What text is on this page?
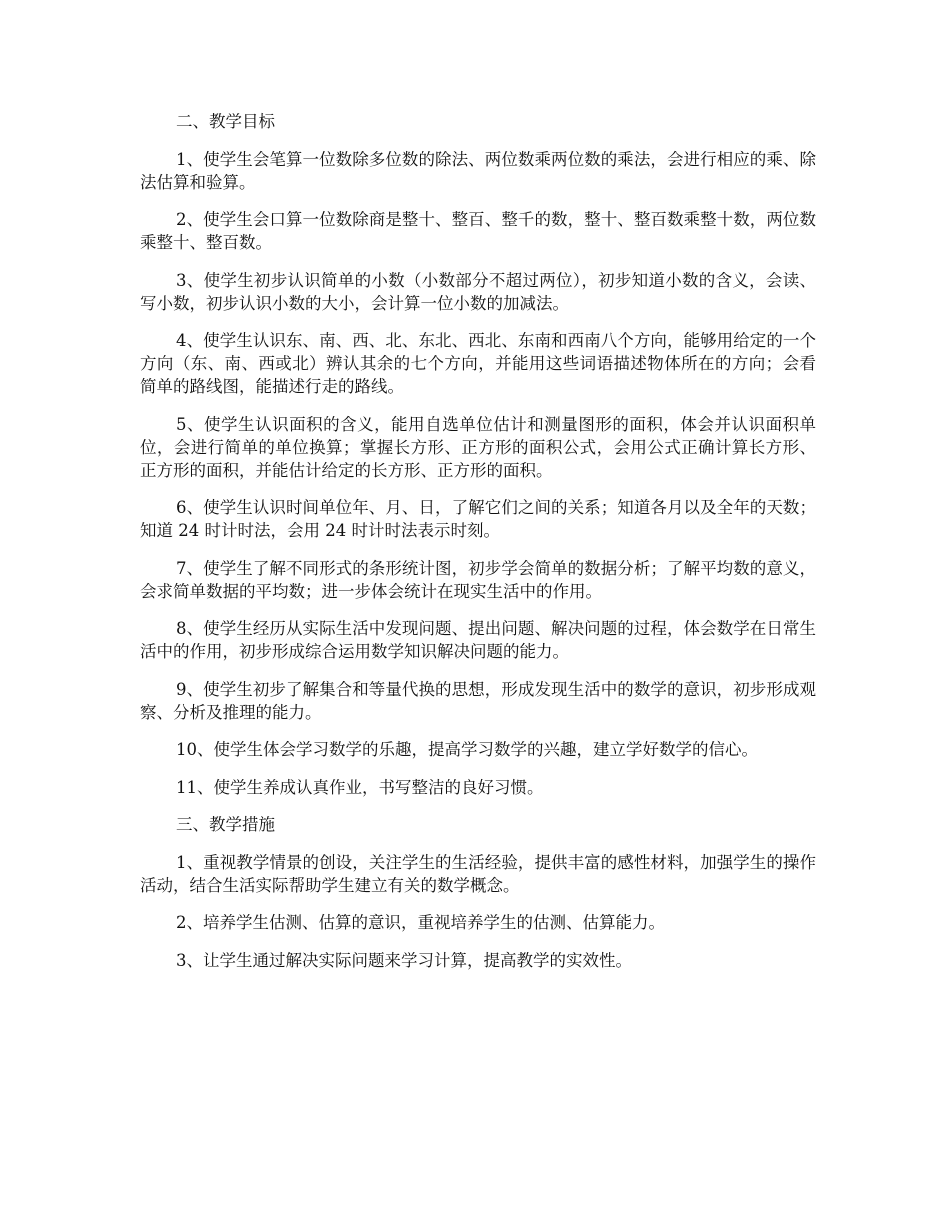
二、教学目标

1、使学生会笔算一位数除多位数的除法、两位数乘两位数的乘法，会进行相应的乘、除法估算和验算。

2、使学生会口算一位数除商是整十、整百、整千的数，整十、整百数乘整十数，两位数乘整十、整百数。

3、使学生初步认识简单的小数（小数部分不超过两位），初步知道小数的含义，会读、写小数，初步认识小数的大小，会计算一位小数的加减法。

4、使学生认识东、南、西、北、东北、西北、东南和西南八个方向，能够用给定的一个方向（东、南、西或北）辨认其余的七个方向，并能用这些词语描述物体所在的方向；会看简单的路线图，能描述行走的路线。

5、使学生认识面积的含义，能用自选单位估计和测量图形的面积，体会并认识面积单位，会进行简单的单位换算；掌握长方形、正方形的面积公式，会用公式正确计算长方形、正方形的面积，并能估计给定的长方形、正方形的面积。

6、使学生认识时间单位年、月、日，了解它们之间的关系；知道各月以及全年的天数；知道 24 时计时法，会用 24 时计时法表示时刻。

7、使学生了解不同形式的条形统计图，初步学会简单的数据分析；了解平均数的意义，会求简单数据的平均数；进一步体会统计在现实生活中的作用。

8、使学生经历从实际生活中发现问题、提出问题、解决问题的过程，体会数学在日常生活中的作用，初步形成综合运用数学知识解决问题的能力。

9、使学生初步了解集合和等量代换的思想，形成发现生活中的数学的意识，初步形成观察、分析及推理的能力。

10、使学生体会学习数学的乐趣，提高学习数学的兴趣，建立学好数学的信心。

11、使学生养成认真作业，书写整洁的良好习惯。

三、教学措施

1、重视教学情景的创设，关注学生的生活经验，提供丰富的感性材料，加强学生的操作活动，结合生活实际帮助学生建立有关的数学概念。

2、培养学生估测、估算的意识，重视培养学生的估测、估算能力。

3、让学生通过解决实际问题来学习计算，提高教学的实效性。
